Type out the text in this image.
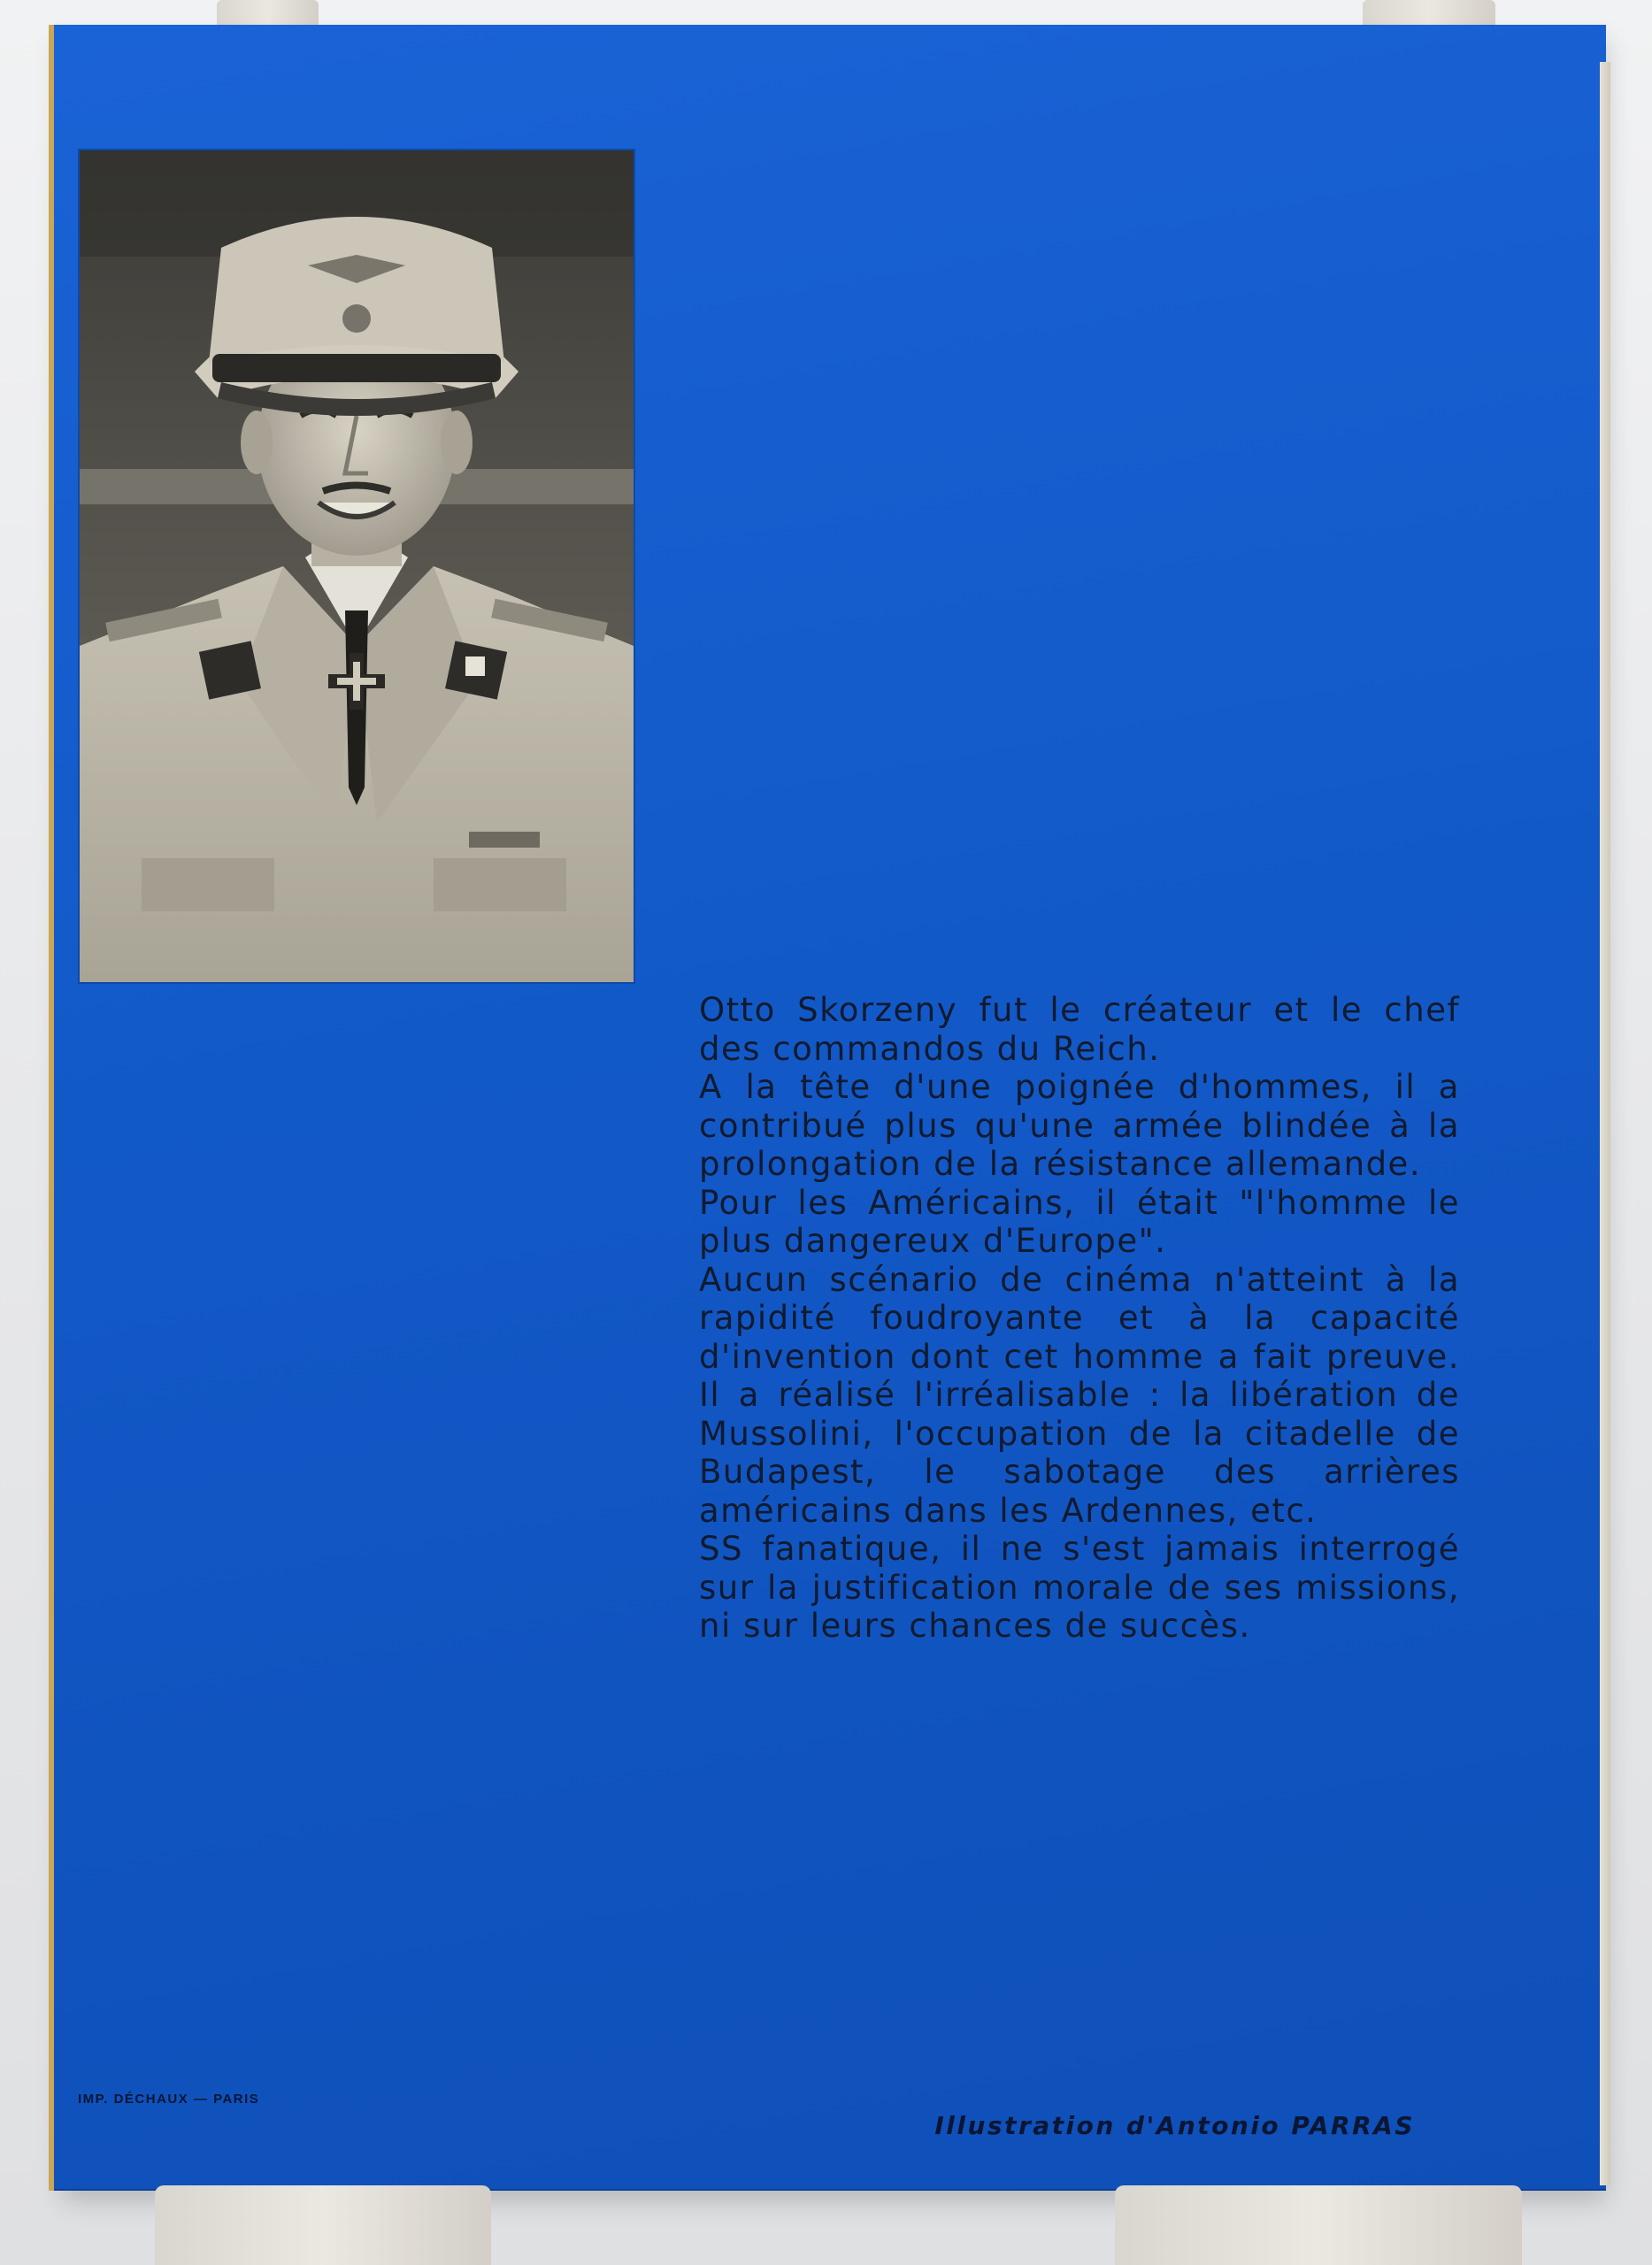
Otto Skorzeny fut le créateur et le chef des commandos du Reich.

A la tête d'une poignée d'hommes, il a contribué plus qu'une armée blindée à la prolongation de la résistance allemande.

Pour les Américains, il était "l'homme le plus dangereux d'Europe".

Aucun scénario de cinéma n'atteint à la rapidité foudroyante et à la capacité d'invention dont cet homme a fait preuve. Il a réalisé l'irréalisable : la libération de Mussolini, l'occupation de la citadelle de Budapest, le sabotage des arrières américains dans les Ardennes, etc.

SS fanatique, il ne s'est jamais interrogé sur la justification morale de ses missions, ni sur leurs chances de succès.

IMP. DÉCHAUX — PARIS
Illustration d'Antonio PARRAS
